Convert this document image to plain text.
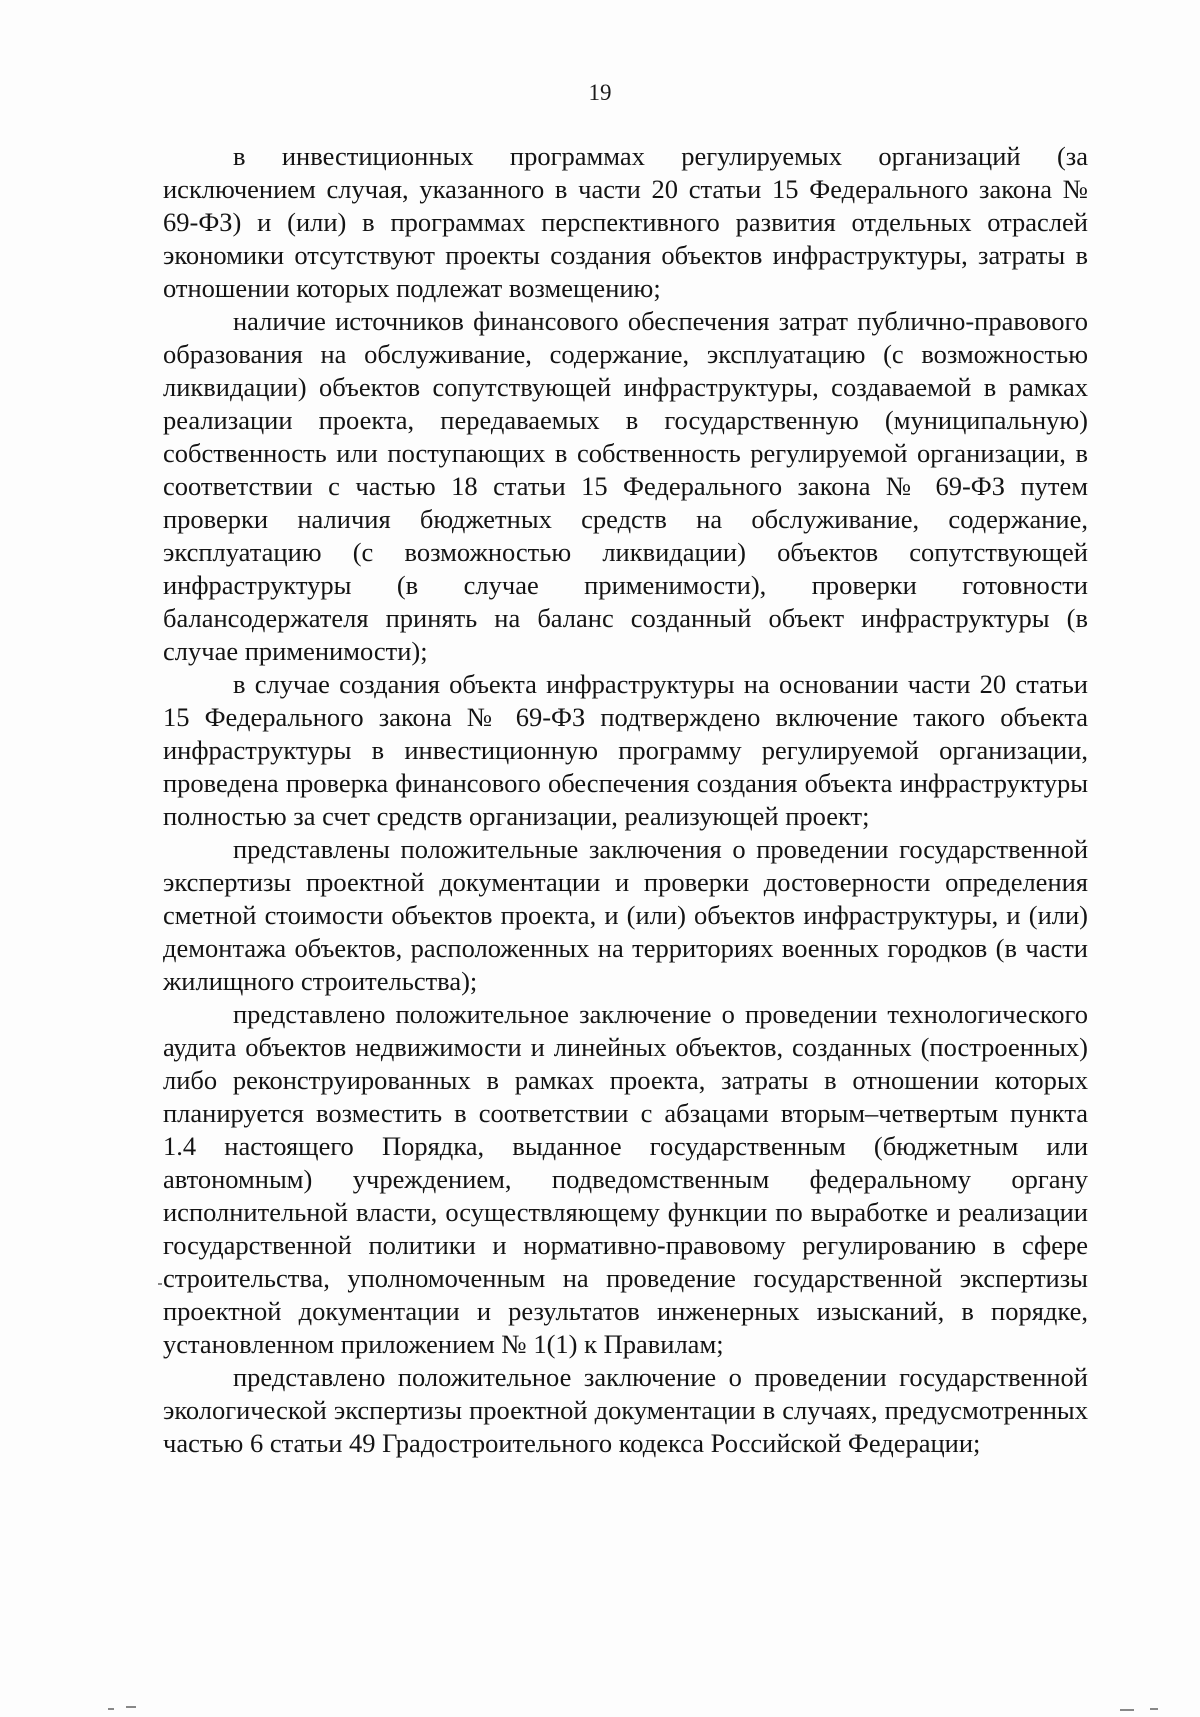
19

в инвестиционных программах регулируемых организаций (за исключением случая, указанного в части 20 статьи 15 Федерального закона № 69-ФЗ) и (или) в программах перспективного развития отдельных отраслей экономики отсутствуют проекты создания объектов инфраструктуры, затраты в отношении которых подлежат возмещению;

наличие источников финансового обеспечения затрат публично-правового образования на обслуживание, содержание, эксплуатацию (с возможностью ликвидации) объектов сопутствующей инфраструктуры, создаваемой в рамках реализации проекта, передаваемых в государственную (муниципальную) собственность или поступающих в собственность регулируемой организации, в соответствии с частью 18 статьи 15 Федерального закона № 69-ФЗ путем проверки наличия бюджетных средств на обслуживание, содержание, эксплуатацию (с возможностью ликвидации) объектов сопутствующей инфраструктуры (в случае применимости), проверки готовности балансодержателя принять на баланс созданный объект инфраструктуры (в случае применимости);

в случае создания объекта инфраструктуры на основании части 20 статьи 15 Федерального закона № 69-ФЗ подтверждено включение такого объекта инфраструктуры в инвестиционную программу регулируемой организации, проведена проверка финансового обеспечения создания объекта инфраструктуры полностью за счет средств организации, реализующей проект;

представлены положительные заключения о проведении государственной экспертизы проектной документации и проверки достоверности определения сметной стоимости объектов проекта, и (или) объектов инфраструктуры, и (или) демонтажа объектов, расположенных на территориях военных городков (в части жилищного строительства);

представлено положительное заключение о проведении технологического аудита объектов недвижимости и линейных объектов, созданных (построенных) либо реконструированных в рамках проекта, затраты в отношении которых планируется возместить в соответствии с абзацами вторым–четвертым пункта 1.4 настоящего Порядка, выданное государственным (бюджетным или автономным) учреждением, подведомственным федеральному органу исполнительной власти, осуществляющему функции по выработке и реализации государственной политики и нормативно-правовому регулированию в сфере строительства, уполномоченным на проведение государственной экспертизы проектной документации и результатов инженерных изысканий, в порядке, установленном приложением № 1(1) к Правилам;

представлено положительное заключение о проведении государственной экологической экспертизы проектной документации в случаях, предусмотренных частью 6 статьи 49 Градостроительного кодекса Российской Федерации;
